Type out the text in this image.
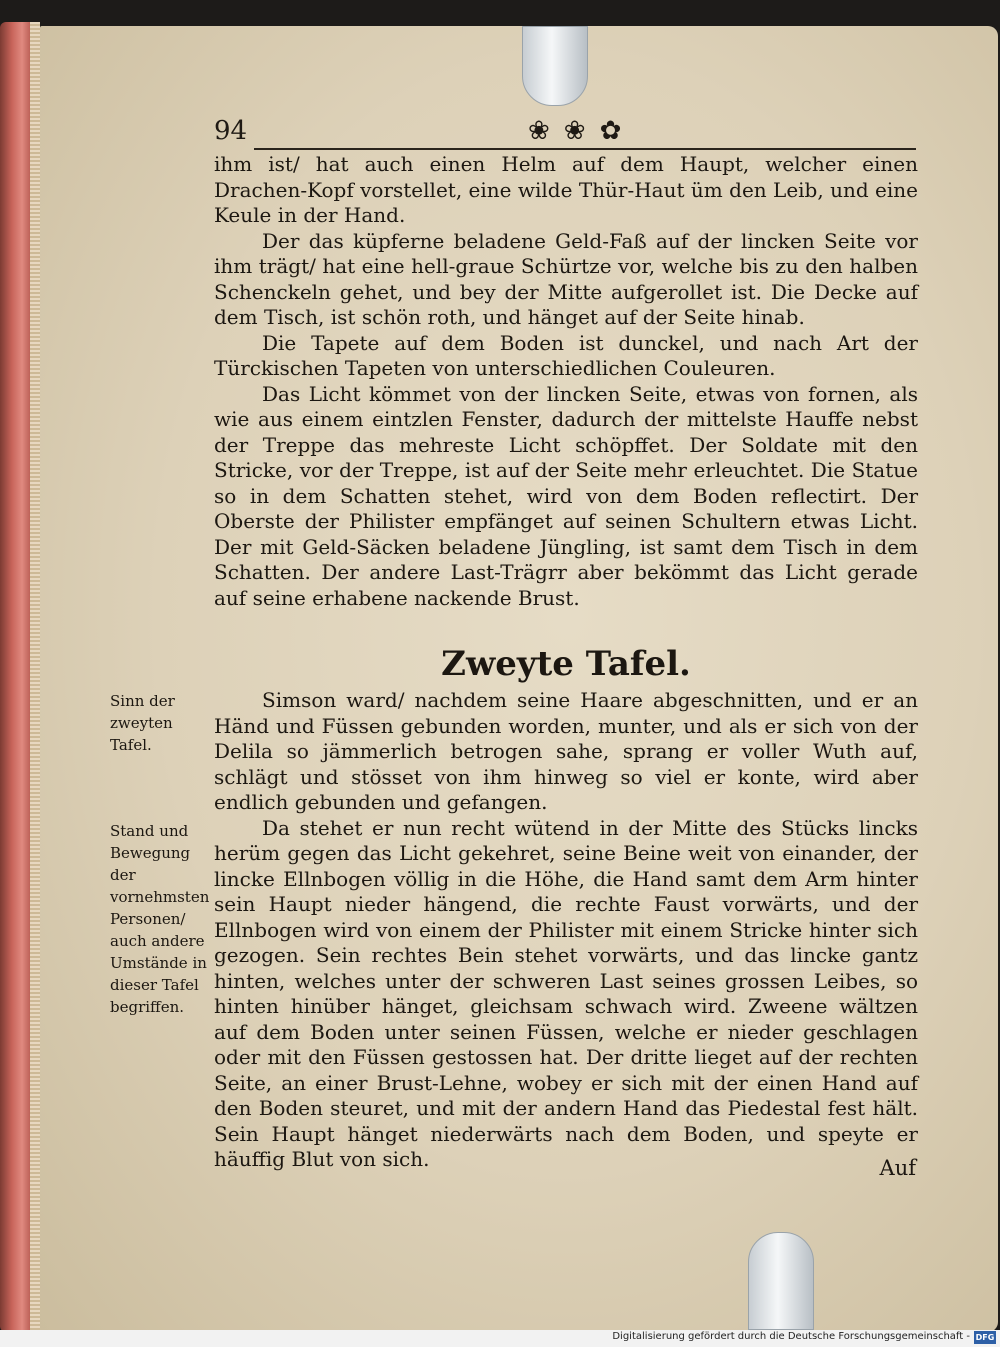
94	❀❀✿

ihm ist/ hat auch einen Helm auf dem Haupt, welcher einen Drachen-Kopf vorstellet, eine wilde Thür-Haut üm den Leib, und eine Keule in der Hand.

Der das küpferne beladene Geld-Faß auf der lincken Seite vor ihm trägt/ hat eine hell-graue Schürtze vor, welche bis zu den halben Schenckeln gehet, und bey der Mitte aufgerollet ist. Die Decke auf dem Tisch, ist schön roth, und hänget auf der Seite hinab.

Die Tapete auf dem Boden ist dunckel, und nach Art der Türckischen Tapeten von unterschiedlichen Couleuren.

Das Licht kömmet von der lincken Seite, etwas von fornen, als wie aus einem eintzlen Fenster, dadurch der mittelste Hauffe nebst der Treppe das mehreste Licht schöpffet. Der Soldate mit den Stricke, vor der Treppe, ist auf der Seite mehr erleuchtet. Die Statue so in dem Schatten stehet, wird von dem Boden reflectirt. Der Oberste der Philister empfänget auf seinen Schultern etwas Licht. Der mit Geld-Säcken beladene Jüngling, ist samt dem Tisch in dem Schatten. Der andere Last-Trägrr aber bekömmt das Licht gerade auf seine erhabene nackende Brust.

Zweyte Tafel.
Sinn der zweyten Tafel.
Stand und Bewegung der vornehmsten Personen/ auch andere Umstände in dieser Tafel begriffen.

Simson ward/ nachdem seine Haare abgeschnitten, und er an Händ und Füssen gebunden worden, munter, und als er sich von der Delila so jämmerlich betrogen sahe, sprang er voller Wuth auf, schlägt und stösset von ihm hinweg so viel er konte, wird aber endlich gebunden und gefangen.

Da stehet er nun recht wütend in der Mitte des Stücks lincks herüm gegen das Licht gekehret, seine Beine weit von einander, der lincke Ellnbogen völlig in die Höhe, die Hand samt dem Arm hinter sein Haupt nieder hängend, die rechte Faust vorwärts, und der Ellnbogen wird von einem der Philister mit einem Stricke hinter sich gezogen. Sein rechtes Bein stehet vorwärts, und das lincke gantz hinten, welches unter der schweren Last seines grossen Leibes, so hinten hinüber hänget, gleichsam schwach wird. Zweene wältzen auf dem Boden unter seinen Füssen, welche er nieder geschlagen oder mit den Füssen gestossen hat. Der dritte lieget auf der rechten Seite, an einer Brust-Lehne, wobey er sich mit der einen Hand auf den Boden steuret, und mit der andern Hand das Piedestal fest hält. Sein Haupt hänget niederwärts nach dem Boden, und speyte er häuffig Blut von sich.	Auf
Digitalisierung gefördert durch die Deutsche Forschungsgemeinschaft - DFG
